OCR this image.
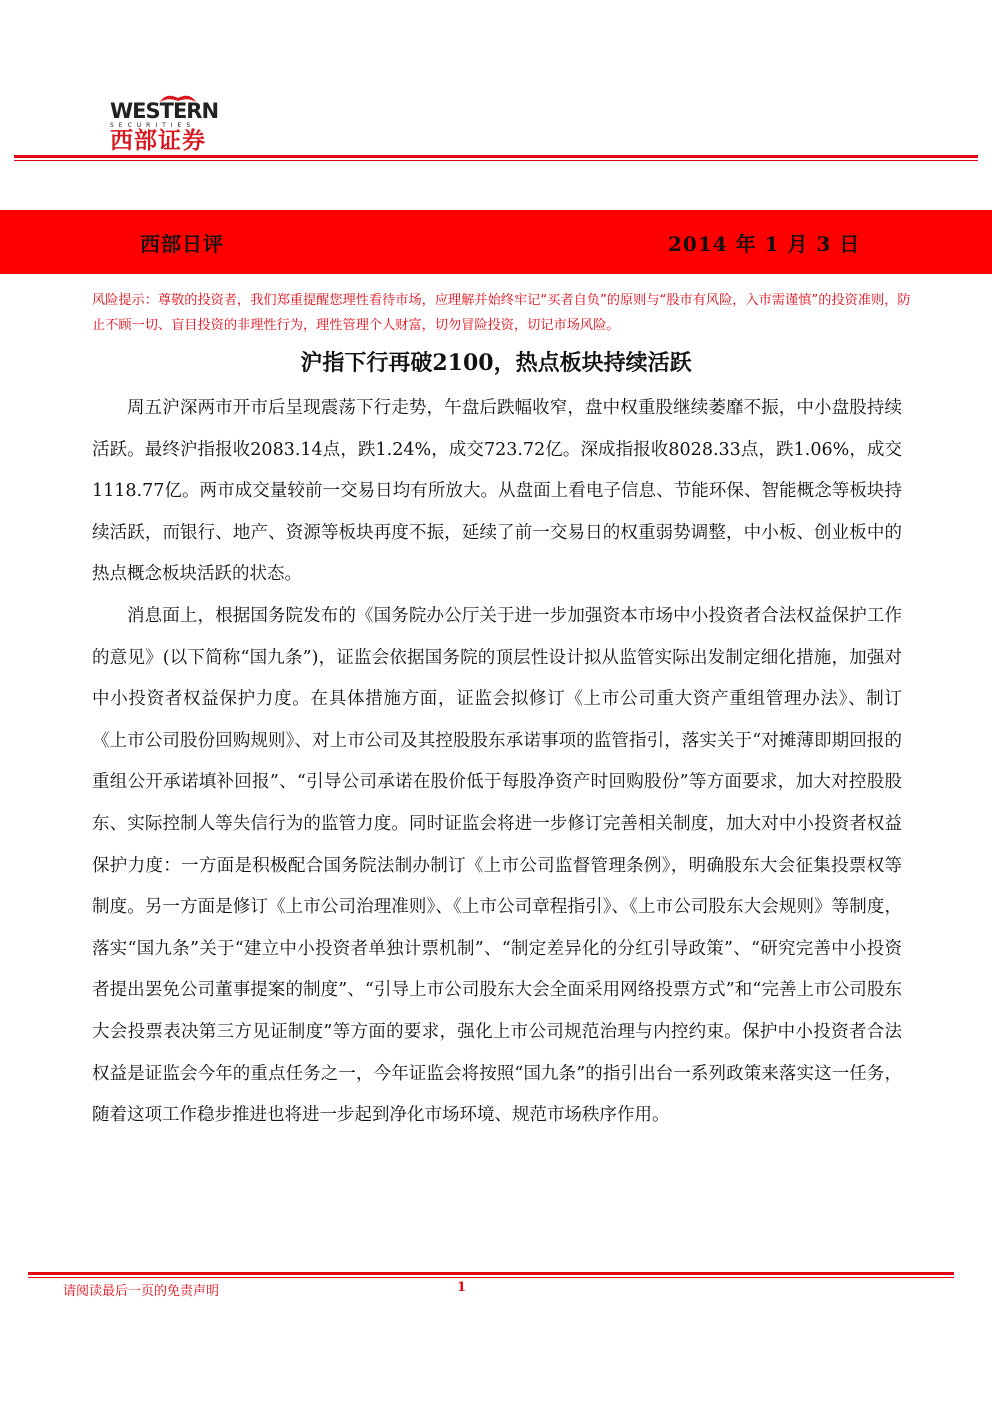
WESTERN
SECURITIES
西部证券
西部日评	2014 年 1 月 3 日
风险提示：尊敬的投资者，我们郑重提醒您理性看待市场，应理解并始终牢记“买者自负”的原则与“股市有风险，入市需谨慎”的投资准则，防止不顾一切、盲目投资的非理性行为，理性管理个人财富，切勿冒险投资，切记市场风险。
沪指下行再破2100，热点板块持续活跃

周五沪深两市开市后呈现震荡下行走势，午盘后跌幅收窄，盘中权重股继续萎靡不振，中小盘股持续活跃。最终沪指报收2083.14点，跌1.24%，成交723.72亿。深成指报收8028.33点，跌1.06%，成交1118.77亿。两市成交量较前一交易日均有所放大。从盘面上看电子信息、节能环保、智能概念等板块持续活跃，而银行、地产、资源等板块再度不振，延续了前一交易日的权重弱势调整，中小板、创业板中的热点概念板块活跃的状态。

消息面上，根据国务院发布的《国务院办公厅关于进一步加强资本市场中小投资者合法权益保护工作的意见》(以下简称“国九条”)，证监会依据国务院的顶层性设计拟从监管实际出发制定细化措施，加强对中小投资者权益保护力度。在具体措施方面，证监会拟修订《上市公司重大资产重组管理办法》、制订《上市公司股份回购规则》、对上市公司及其控股股东承诺事项的监管指引，落实关于“对摊薄即期回报的重组公开承诺填补回报”、“引导公司承诺在股价低于每股净资产时回购股份”等方面要求，加大对控股股东、实际控制人等失信行为的监管力度。同时证监会将进一步修订完善相关制度，加大对中小投资者权益保护力度：一方面是积极配合国务院法制办制订《上市公司监督管理条例》，明确股东大会征集投票权等制度。另一方面是修订《上市公司治理准则》、《上市公司章程指引》、《上市公司股东大会规则》等制度，落实“国九条”关于“建立中小投资者单独计票机制”、“制定差异化的分红引导政策”、“研究完善中小投资者提出罢免公司董事提案的制度”、“引导上市公司股东大会全面采用网络投票方式”和“完善上市公司股东大会投票表决第三方见证制度”等方面的要求，强化上市公司规范治理与内控约束。保护中小投资者合法权益是证监会今年的重点任务之一，今年证监会将按照“国九条”的指引出台一系列政策来落实这一任务，随着这项工作稳步推进也将进一步起到净化市场环境、规范市场秩序作用。

请阅读最后一页的免责声明	1
